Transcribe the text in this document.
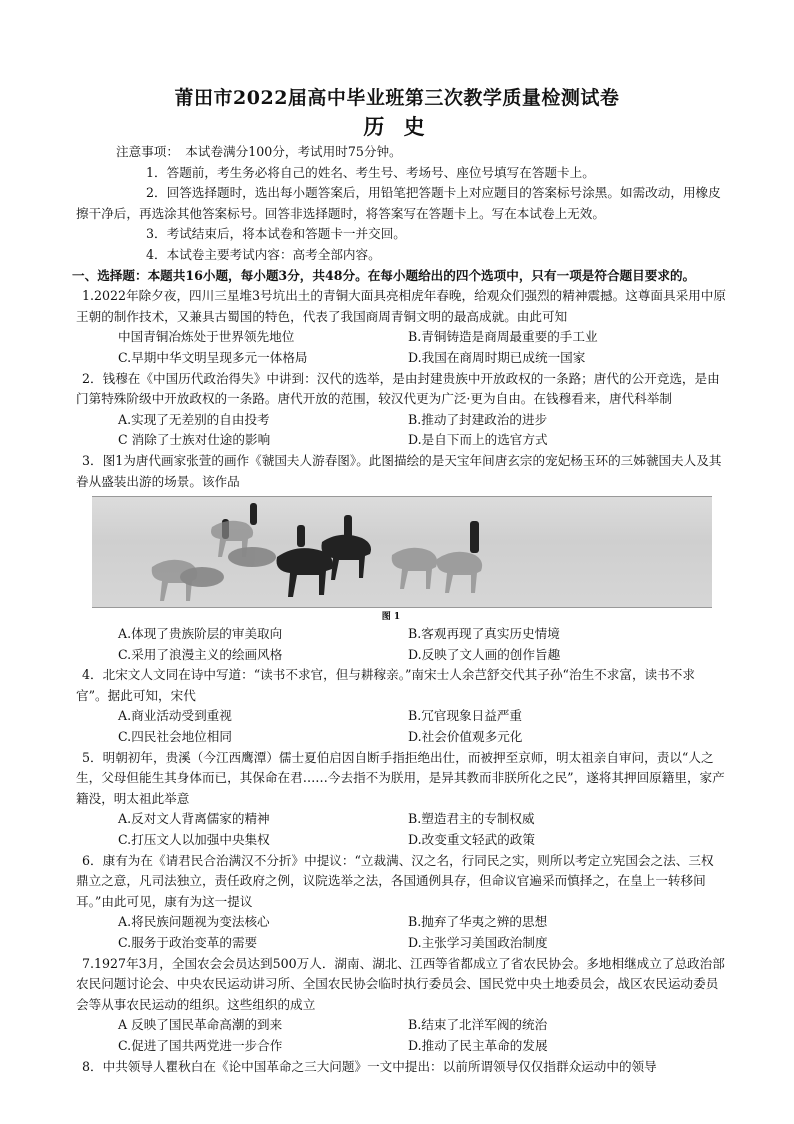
莆田市2022届高中毕业班第三次教学质量检测试卷
历 史

注意事项：　本试卷满分100分，考试用时75分钟。

1．答题前，考生务必将自己的姓名、考生号、考场号、座位号填写在答题卡上。

2．回答选择题时，选出每小题答案后，用铅笔把答题卡上对应题目的答案标号涂黑。如需改动，用橡皮擦干净后，再选涂其他答案标号。回答非选择题时，将答案写在答题卡上。写在本试卷上无效。

3．考试结束后，将本试卷和答题卡一并交回。

4．本试卷主要考试内容：高考全部内容。

一、选择题：本题共16小题，每小题3分，共48分。在每小题给出的四个选项中，只有一项是符合题目要求的。

1.2022年除夕夜，四川三星堆3号坑出土的青铜大面具亮相虎年春晚，给观众们强烈的精神震撼。这尊面具采用中原王朝的制作技术，又兼具古蜀国的特色，代表了我国商周青铜文明的最高成就。由此可知

中国青铜冶炼处于世界领先地位	B.青铜铸造是商周最重要的手工业
C.早期中华文明呈现多元一体格局	D.我国在商周时期已成统一国家

2．钱穆在《中国历代政治得失》中讲到：汉代的选举，是由封建贵族中开放政权的一条路；唐代的公开竞选，是由门第特殊阶级中开放政权的一条路。唐代开放的范围，较汉代更为广泛·更为自由。在钱穆看来，唐代科举制

A.实现了无差别的自由投考	B.推动了封建政治的进步
C 消除了士族对仕途的影响	D.是自下而上的选官方式

3．图1为唐代画家张萱的画作《虢国夫人游春图》。此图描绘的是天宝年间唐玄宗的宠妃杨玉环的三姊虢国夫人及其眷从盛装出游的场景。该作品

图 1

A.体现了贵族阶层的审美取向	B.客观再现了真实历史情境
C.采用了浪漫主义的绘画风格	D.反映了文人画的创作旨趣

4．北宋文人文同在诗中写道：“读书不求官，但与耕稼亲。”南宋士人余芑舒交代其子孙“治生不求富，读书不求官”。据此可知，宋代

A.商业活动受到重视	B.冗官现象日益严重
C.四民社会地位相同	D.社会价值观多元化

5．明朝初年，贵溪（今江西鹰潭）儒士夏伯启因自断手指拒绝出仕，而被押至京师，明太祖亲自审问，责以“人之生，父母但能生其身体而已，其保命在君……今去指不为朕用，是异其教而非朕所化之民”，遂将其押回原籍里，家产籍没，明太祖此举意

A.反对文人背离儒家的精神	B.塑造君主的专制权威
C.打压文人以加强中央集权	D.改变重文轻武的政策

6．康有为在《请君民合治满汉不分折》中提议：“立裁满、汉之名，行同民之实，则所以考定立宪国会之法、三权鼎立之意，凡司法独立，责任政府之例，议院选举之法，各国通例具存，但命议官遍采而慎择之，在皇上一转移间耳。”由此可见，康有为这一提议

A.将民族问题视为变法核心	B.抛弃了华夷之辨的思想
C.服务于政治变革的需要	D.主张学习美国政治制度

7.1927年3月，全国农会会员达到500万人．湖南、湖北、江西等省都成立了省农民协会。多地相继成立了总政治部农民问题讨论会、中央农民运动讲习所、全国农民协会临时执行委员会、国民党中央土地委员会，战区农民运动委员会等从事农民运动的组织。这些组织的成立

A 反映了国民革命高潮的到来	B.结束了北洋军阀的统治
C.促进了国共两党进一步合作	D.推动了民主革命的发展

8．中共领导人瞿秋白在《论中国革命之三大问题》一文中提出：以前所谓领导仅仅指群众运动中的领导
